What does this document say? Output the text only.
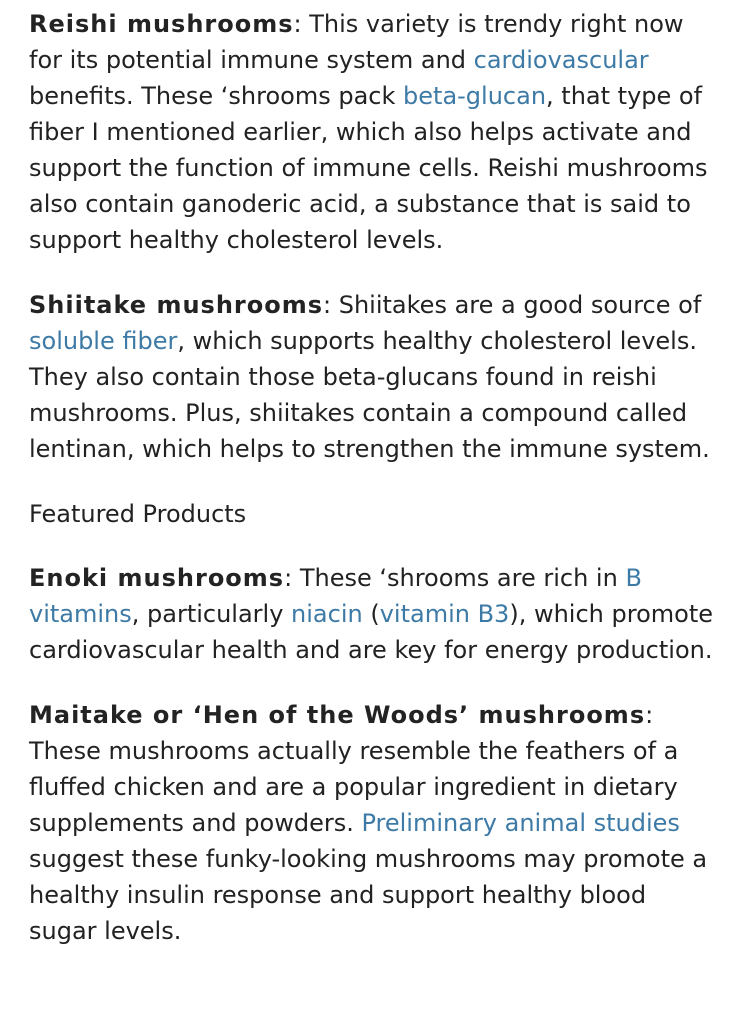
Reishi mushrooms: This variety is trendy right now for its potential immune system and cardiovascular benefits. These ‘shrooms pack beta-glucan, that type of fiber I mentioned earlier, which also helps activate and support the function of immune cells. Reishi mushrooms also contain ganoderic acid, a substance that is said to support healthy cholesterol levels.

Shiitake mushrooms: Shiitakes are a good source of soluble fiber, which supports healthy cholesterol levels. They also contain those beta-glucans found in reishi mushrooms. Plus, shiitakes contain a compound called lentinan, which helps to strengthen the immune system.

Featured Products

Enoki mushrooms: These ‘shrooms are rich in B vitamins, particularly niacin (vitamin B3), which promote cardiovascular health and are key for energy production.

Maitake or ‘Hen of the Woods’ mushrooms: These mushrooms actually resemble the feathers of a fluffed chicken and are a popular ingredient in dietary supplements and powders. Preliminary animal studies suggest these funky-looking mushrooms may promote a healthy insulin response and support healthy blood sugar levels.
